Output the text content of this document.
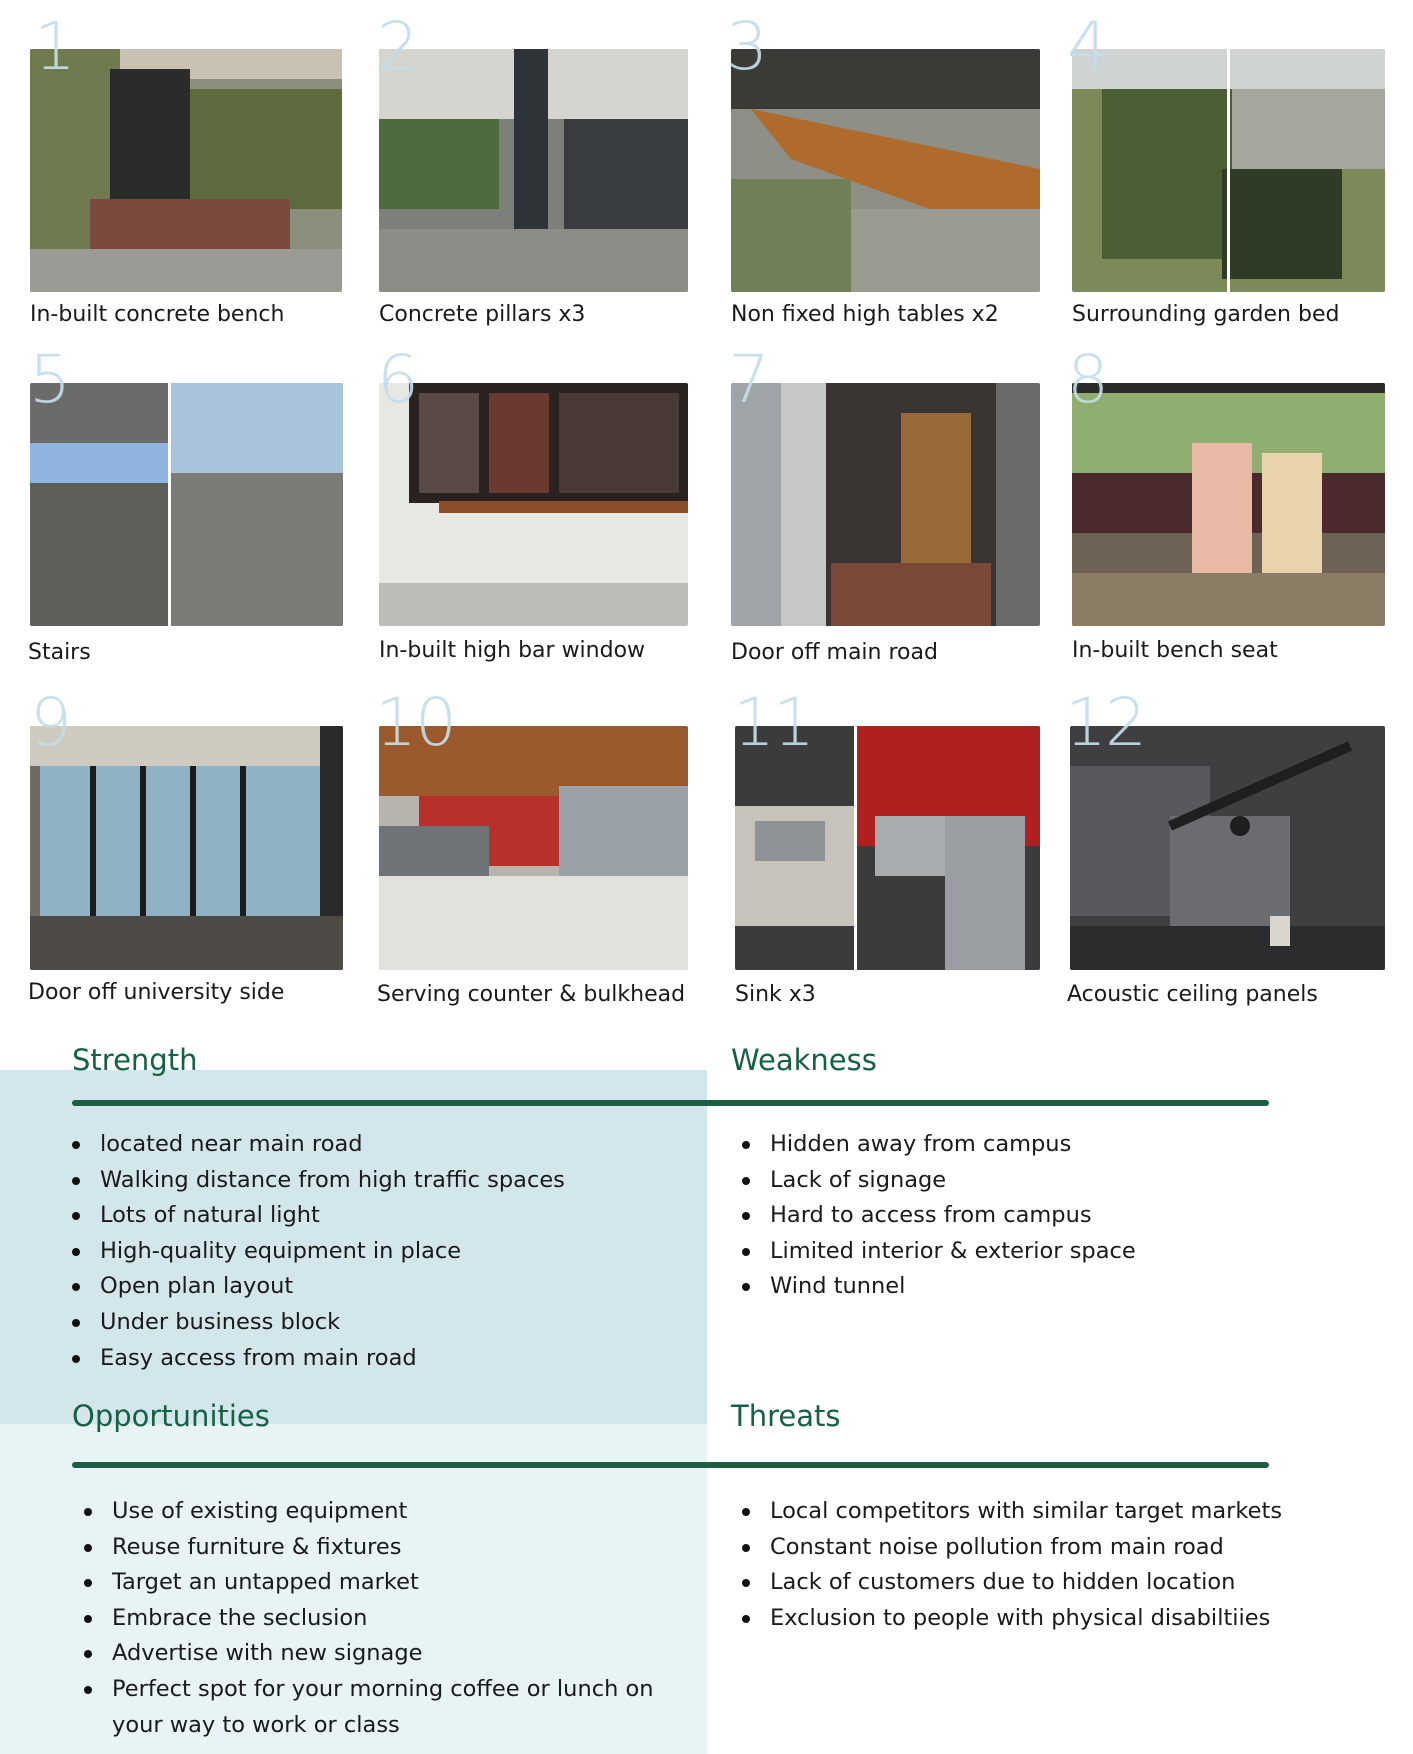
1
In-built concrete bench
2
Concrete pillars x3
3
Non fixed high tables x2
4
Surrounding garden bed
5
Stairs
6
In-built high bar window
7
Door off main road
8
In-built bench seat
9
Door off university side
10
Serving counter & bulkhead
11
Sink x3
12
Acoustic ceiling panels
Strength	Weakness
located near main road
Walking distance from high traffic spaces
Lots of natural light
High-quality equipment in place
Open plan layout
Under business block
Easy access from main road
Hidden away from campus
Lack of signage
Hard to access from campus
Limited interior & exterior space
Wind tunnel
Opportunities	Threats
Use of existing equipment
Reuse furniture & fixtures
Target an untapped market
Embrace the seclusion
Advertise with new signage
Perfect spot for your morning coffee or lunch on your way to work or class
Local competitors with similar target markets
Constant noise pollution from main road
Lack of customers due to hidden location
Exclusion to people with physical disabiltiies
